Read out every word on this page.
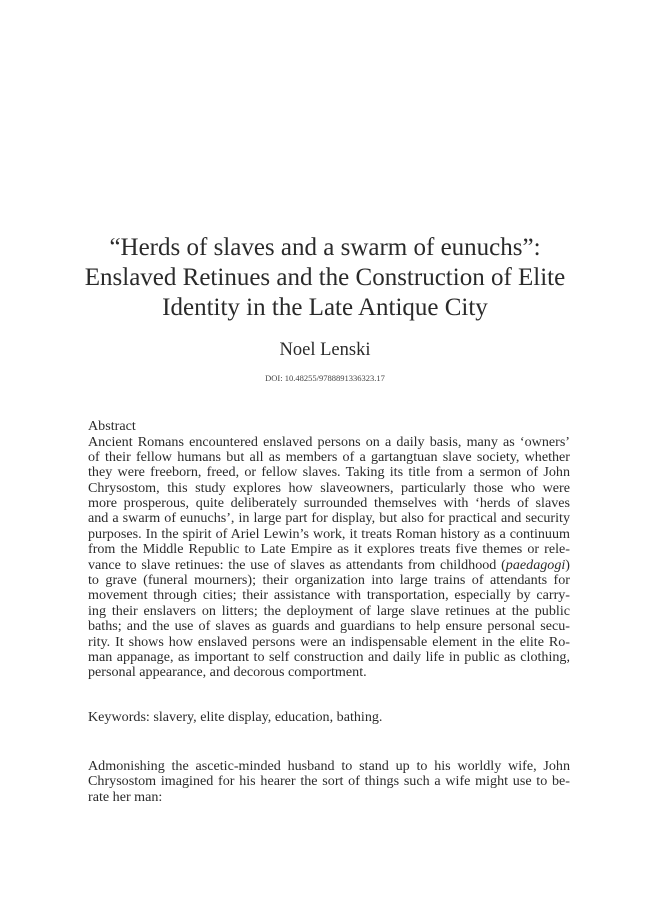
“Herds of slaves and a swarm of eunuchs”:
Enslaved Retinues and the Construction of Elite
Identity in the Late Antique City
Noel Lenski
DOI: 10.48255/9788891336323.17
Abstract
Ancient Romans encountered enslaved persons on a daily basis, many as ‘owners’
of their fellow humans but all as members of a gartangtuan slave society, whether
they were freeborn, freed, or fellow slaves. Taking its title from a sermon of John
Chrysostom, this study explores how slaveowners, particularly those who were
more prosperous, quite deliberately surrounded themselves with ‘herds of slaves
and a swarm of eunuchs’, in large part for display, but also for practical and security
purposes. In the spirit of Ariel Lewin’s work, it treats Roman history as a continuum
from the Middle Republic to Late Empire as it explores treats five themes or rele-
vance to slave retinues: the use of slaves as attendants from childhood (paedagogi)
to grave (funeral mourners); their organization into large trains of attendants for
movement through cities; their assistance with transportation, especially by carry-
ing their enslavers on litters; the deployment of large slave retinues at the public
baths; and the use of slaves as guards and guardians to help ensure personal secu-
rity. It shows how enslaved persons were an indispensable element in the elite Ro-
man appanage, as important to self construction and daily life in public as clothing,
personal appearance, and decorous comportment.
Keywords: slavery, elite display, education, bathing.
Admonishing the ascetic-minded husband to stand up to his worldly wife, John
Chrysostom imagined for his hearer the sort of things such a wife might use to be-
rate her man:
